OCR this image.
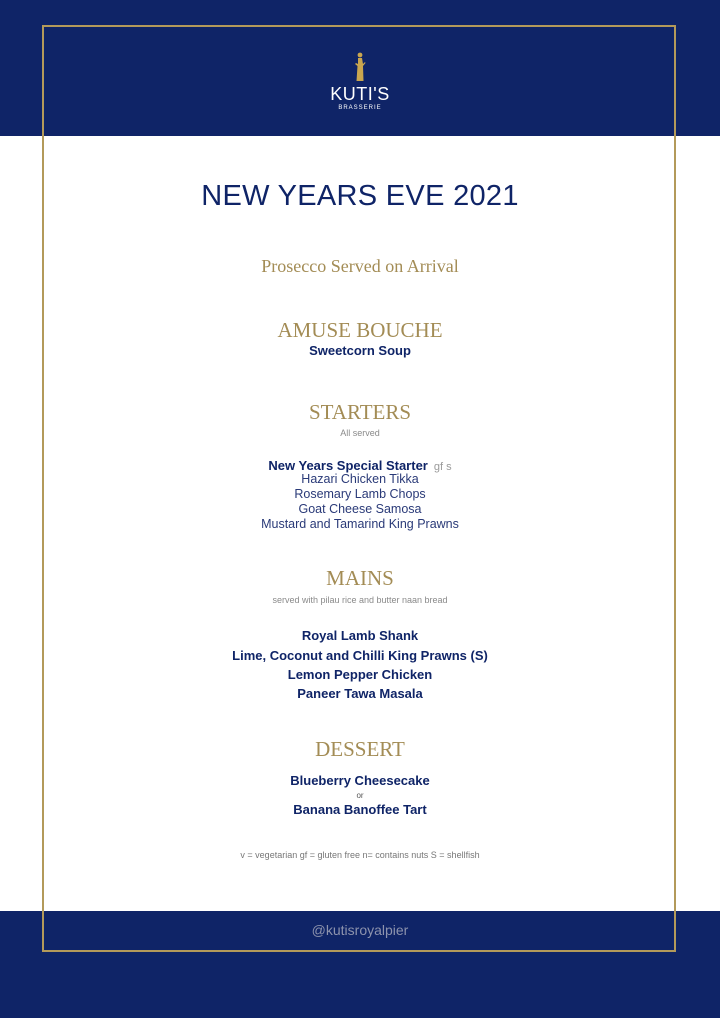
KUTI'S
BRASSERIE
NEW YEARS EVE 2021
Prosecco Served on Arrival
AMUSE BOUCHE
Sweetcorn Soup
STARTERS
All served
New Years Special Starter gf s
Hazari Chicken Tikka
Rosemary Lamb Chops
Goat Cheese Samosa
Mustard and Tamarind King Prawns
MAINS
served with pilau rice and butter naan bread
Royal Lamb Shank
Lime, Coconut and Chilli King Prawns (S)
Lemon Pepper Chicken
Paneer Tawa Masala
DESSERT
Blueberry Cheesecake
or
Banana Banoffee Tart
v = vegetarian gf = gluten free n= contains nuts S = shellfish
@kutisroyalpier
